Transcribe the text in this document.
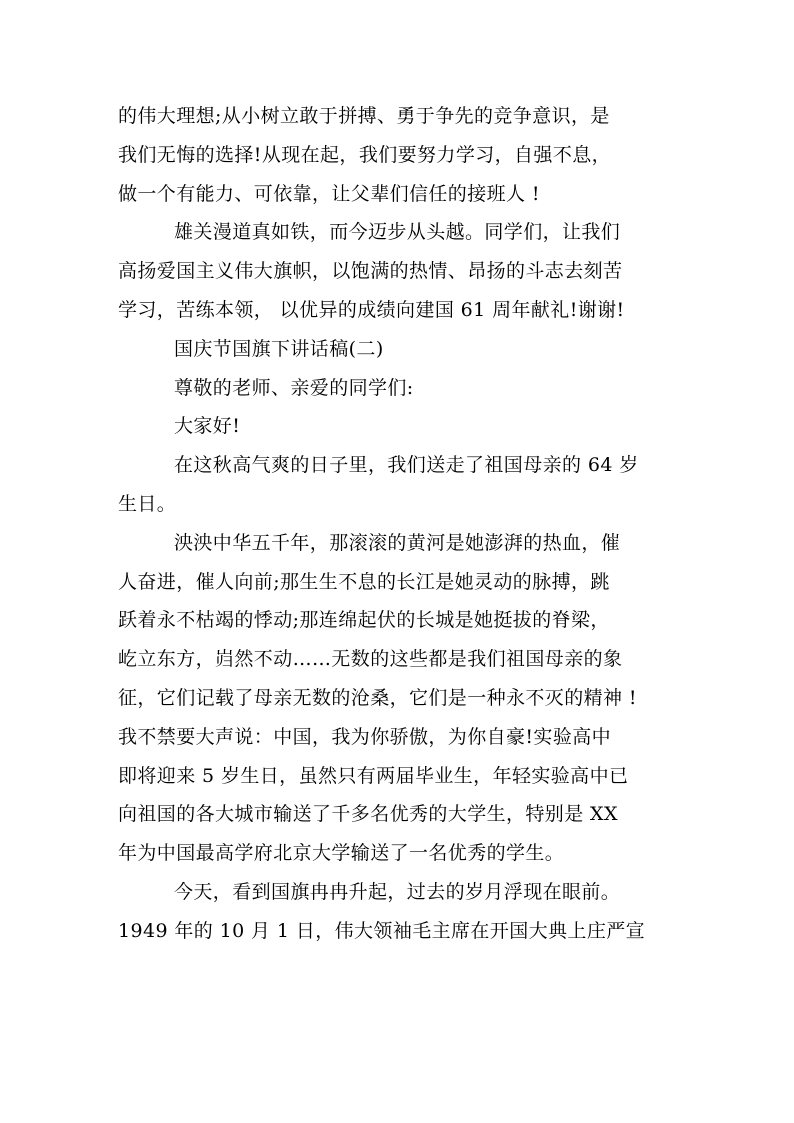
的伟大理想;从小树立敢于拼搏、勇于争先的竞争意识，是
我们无悔的选择!从现在起，我们要努力学习，自强不息，
做一个有能力、可依靠，让父辈们信任的接班人 !
雄关漫道真如铁，而今迈步从头越。同学们，让我们
高扬爱国主义伟大旗帜，以饱满的热情、昂扬的斗志去刻苦
学习，苦练本领， 以优异的成绩向建国 61 周年献礼!谢谢!
国庆节国旗下讲话稿(二)
尊敬的老师、亲爱的同学们:
大家好!
在这秋高气爽的日子里，我们送走了祖国母亲的 64 岁
生日。
泱泱中华五千年，那滚滚的黄河是她澎湃的热血，催
人奋进，催人向前;那生生不息的长江是她灵动的脉搏，跳
跃着永不枯竭的悸动;那连绵起伏的长城是她挺拔的脊梁，
屹立东方，岿然不动……无数的这些都是我们祖国母亲的象
征，它们记载了母亲无数的沧桑，它们是一种永不灭的精神 !
我不禁要大声说：中国，我为你骄傲，为你自豪!实验高中
即将迎来 5 岁生日，虽然只有两届毕业生，年轻实验高中已
向祖国的各大城市输送了千多名优秀的大学生，特别是 XX
年为中国最高学府北京大学输送了一名优秀的学生。
今天，看到国旗冉冉升起，过去的岁月浮现在眼前。
1949 年的 10 月 1 日，伟大领袖毛主席在开国大典上庄严宣
